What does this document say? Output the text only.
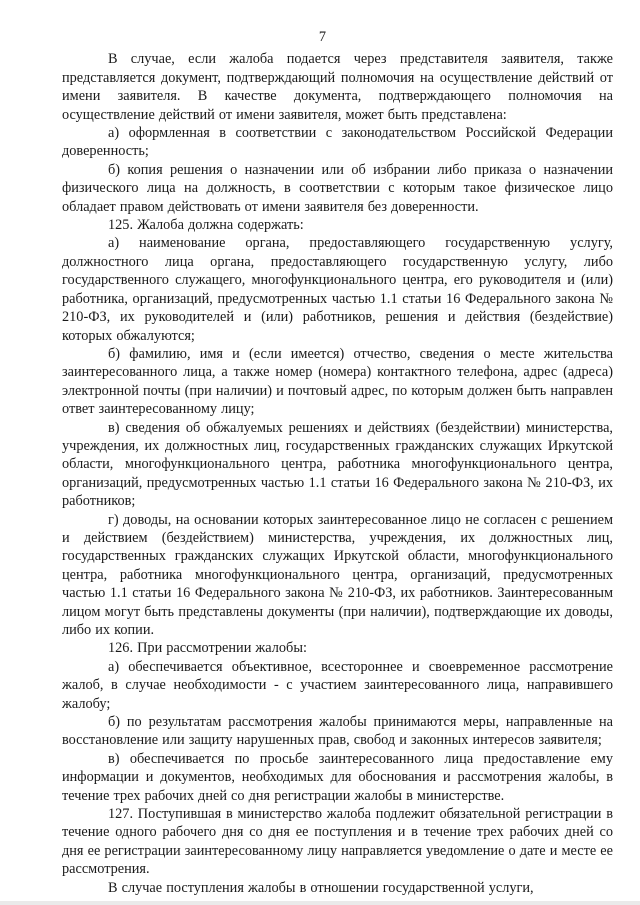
7

В случае, если жалоба подается через представителя заявителя, также представляется документ, подтверждающий полномочия на осуществление действий от имени заявителя. В качестве документа, подтверждающего полномочия на осуществление действий от имени заявителя, может быть представлена:

а) оформленная в соответствии с законодательством Российской Федерации доверенность;

б) копия решения о назначении или об избрании либо приказа о назначении физического лица на должность, в соответствии с которым такое физическое лицо обладает правом действовать от имени заявителя без доверенности.

125. Жалоба должна содержать:

а) наименование органа, предоставляющего государственную услугу, должностного лица органа, предоставляющего государственную услугу, либо государственного служащего, многофункционального центра, его руководителя и (или) работника, организаций, предусмотренных частью 1.1 статьи 16 Федерального закона № 210-ФЗ, их руководителей и (или) работников, решения и действия (бездействие) которых обжалуются;

б) фамилию, имя и (если имеется) отчество, сведения о месте жительства заинтересованного лица, а также номер (номера) контактного телефона, адрес (адреса) электронной почты (при наличии) и почтовый адрес, по которым должен быть направлен ответ заинтересованному лицу;

в) сведения об обжалуемых решениях и действиях (бездействии) министерства, учреждения, их должностных лиц, государственных гражданских служащих Иркутской области, многофункционального центра, работника многофункционального центра, организаций, предусмотренных частью 1.1 статьи 16 Федерального закона № 210-ФЗ, их работников;

г) доводы, на основании которых заинтересованное лицо не согласен с решением и действием (бездействием) министерства, учреждения, их должностных лиц, государственных гражданских служащих Иркутской области, многофункционального центра, работника многофункционального центра, организаций, предусмотренных частью 1.1 статьи 16 Федерального закона № 210-ФЗ, их работников. Заинтересованным лицом могут быть представлены документы (при наличии), подтверждающие их доводы, либо их копии.

126. При рассмотрении жалобы:

а) обеспечивается объективное, всестороннее и своевременное рассмотрение жалоб, в случае необходимости - с участием заинтересованного лица, направившего жалобу;

б) по результатам рассмотрения жалобы принимаются меры, направленные на восстановление или защиту нарушенных прав, свобод и законных интересов заявителя;

в) обеспечивается по просьбе заинтересованного лица предоставление ему информации и документов, необходимых для обоснования и рассмотрения жалобы, в течение трех рабочих дней со дня регистрации жалобы в министерстве.

127. Поступившая в министерство жалоба подлежит обязательной регистрации в течение одного рабочего дня со дня ее поступления и в течение трех рабочих дней со дня ее регистрации заинтересованному лицу направляется уведомление о дате и месте ее рассмотрения.

В случае поступления жалобы в отношении государственной услуги,
